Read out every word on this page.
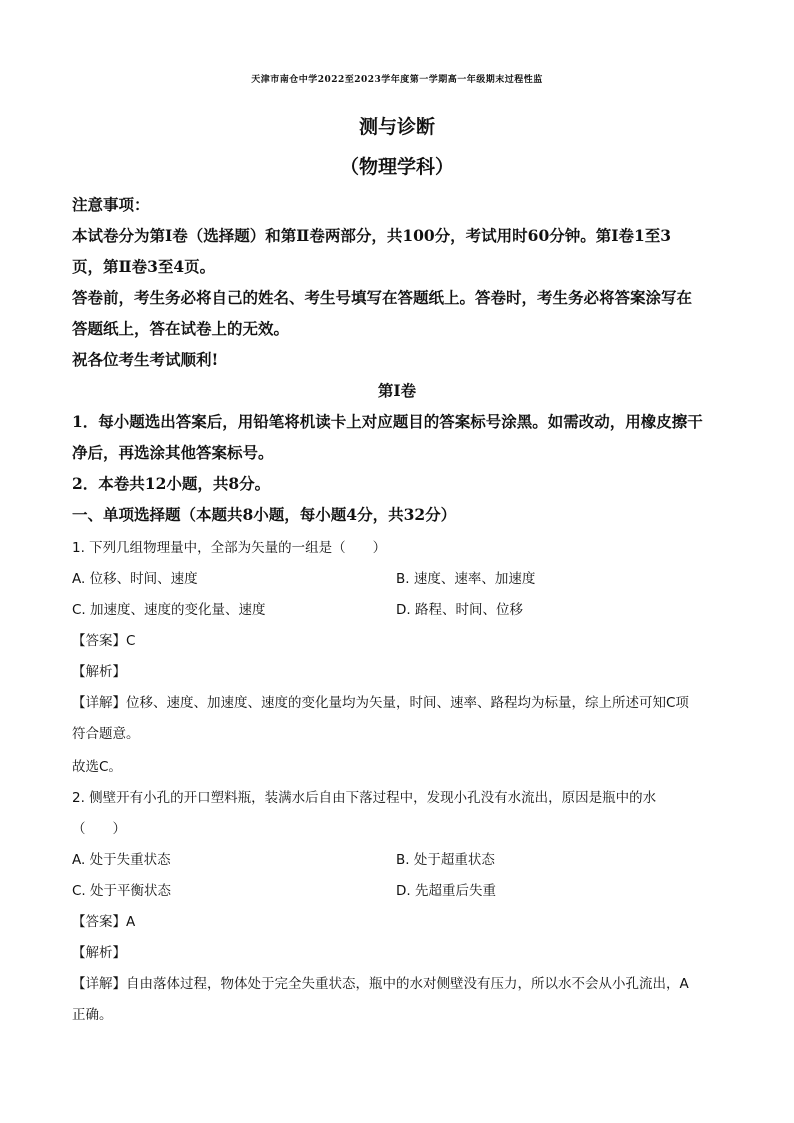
天津市南仓中学2022至2023学年度第一学期高一年级期末过程性监
测与诊断
（物理学科）
注意事项：
本试卷分为第Ⅰ卷（选择题）和第Ⅱ卷两部分，共100分，考试用时60分钟。第Ⅰ卷1至3
页，第Ⅱ卷3至4页。
答卷前，考生务必将自己的姓名、考生号填写在答题纸上。答卷时，考生务必将答案涂写在
答题纸上，答在试卷上的无效。
祝各位考生考试顺利!
第Ⅰ卷
1．每小题选出答案后，用铅笔将机读卡上对应题目的答案标号涂黑。如需改动，用橡皮擦干
净后，再选涂其他答案标号。
2．本卷共12小题，共8分。
一、单项选择题（本题共8小题，每小题4分，共32分）
1. 下列几组物理量中，全部为矢量的一组是（　　）
A. 位移、时间、速度	B. 速度、速率、加速度
C. 加速度、速度的变化量、速度	D. 路程、时间、位移
【答案】C
【解析】
【详解】位移、速度、加速度、速度的变化量均为矢量，时间、速率、路程均为标量，综上所述可知C项
符合题意。
故选C。
2. 侧壁开有小孔的开口塑料瓶，装满水后自由下落过程中，发现小孔没有水流出，原因是瓶中的水
（　　）
A. 处于失重状态	B. 处于超重状态
C. 处于平衡状态	D. 先超重后失重
【答案】A
【解析】
【详解】自由落体过程，物体处于完全失重状态，瓶中的水对侧壁没有压力，所以水不会从小孔流出，A
正确。
